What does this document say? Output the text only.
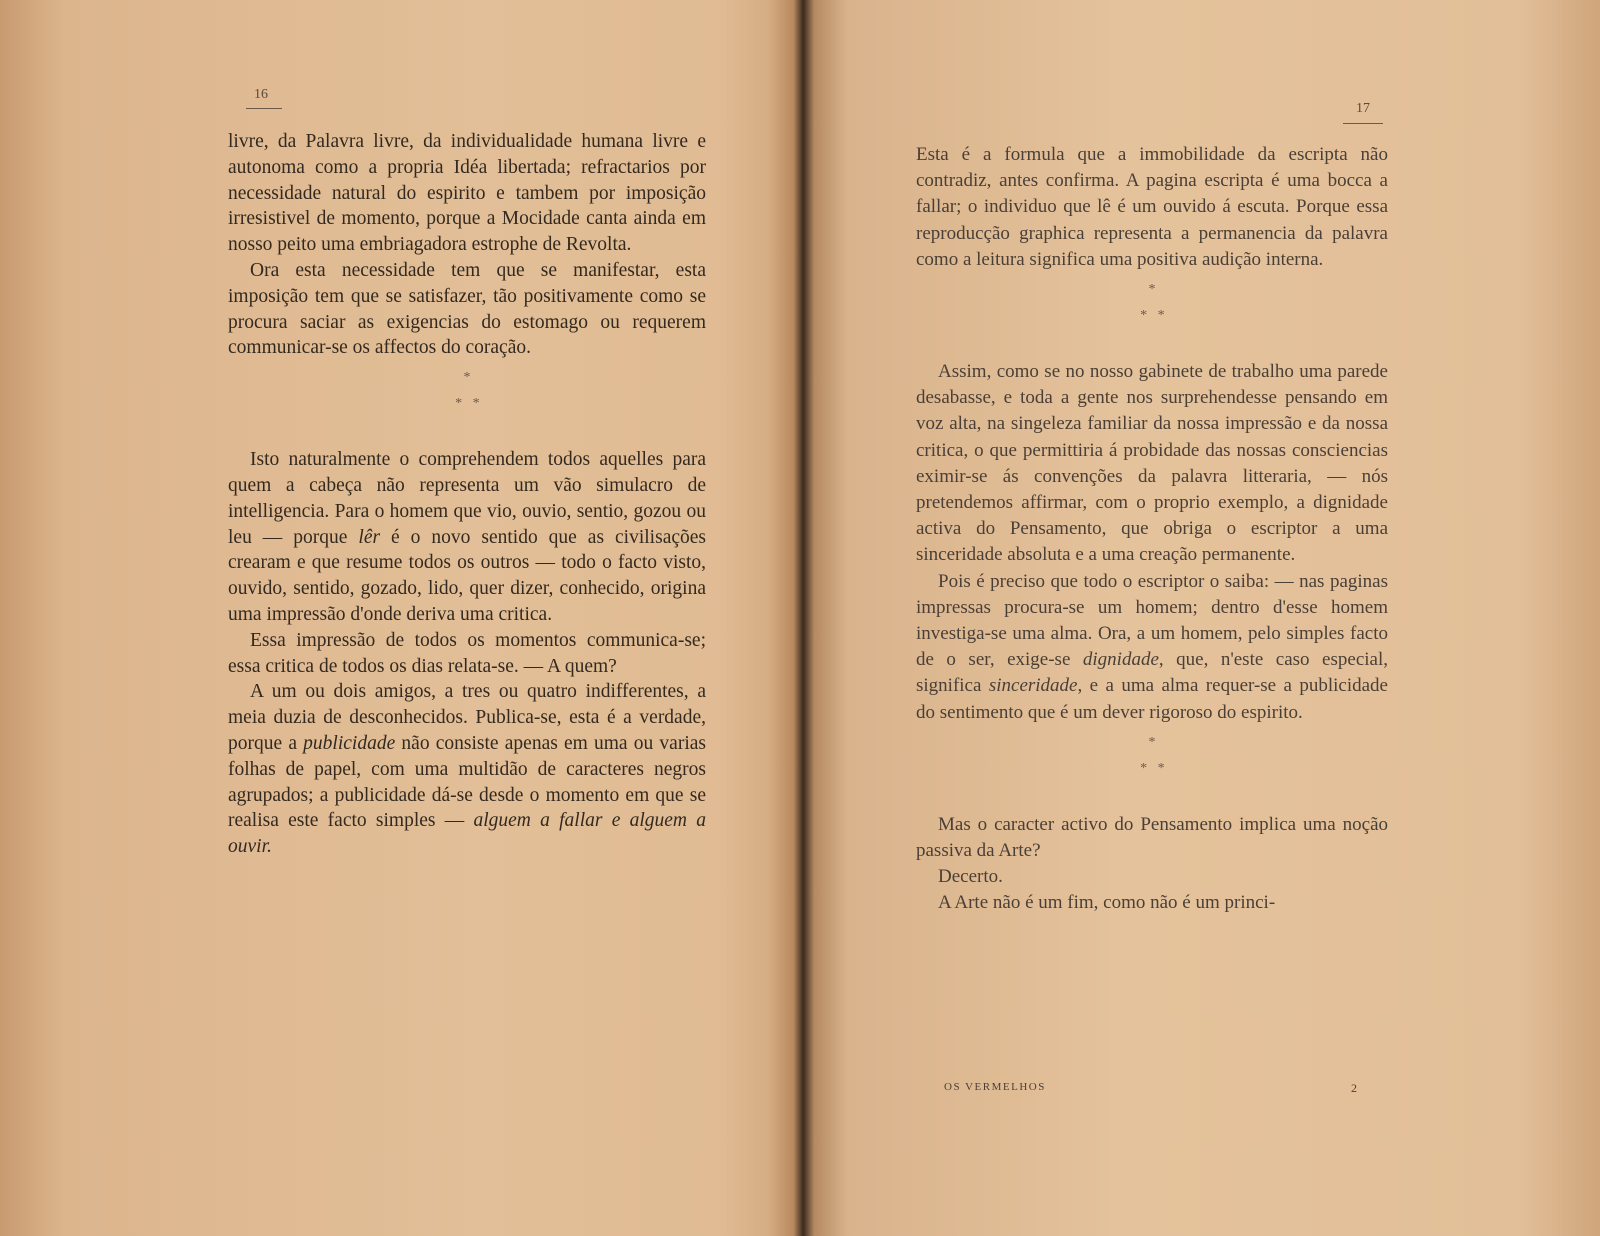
16

livre, da Palavra livre, da individualidade humana livre e autonoma como a propria Idéa libertada; refractarios por necessidade natural do espirito e tambem por imposição irresistivel de momento, porque a Mocidade canta ainda em nosso peito uma embriagadora estrophe de Revolta.

Ora esta necessidade tem que se manifestar, esta imposição tem que se satisfazer, tão positivamente como se procura saciar as exigencias do estomago ou requerem communicar-se os affectos do coração.

*
* *

Isto naturalmente o comprehendem todos aquelles para quem a cabeça não representa um vão simulacro de intelligencia. Para o homem que vio, ouvio, sentio, gozou ou leu — porque lêr é o novo sentido que as civilisações crearam e que resume todos os outros — todo o facto visto, ouvido, sentido, gozado, lido, quer dizer, conhecido, origina uma impressão d'onde deriva uma critica.

Essa impressão de todos os momentos communica-se; essa critica de todos os dias relata-se. — A quem?

A um ou dois amigos, a tres ou quatro indifferentes, a meia duzia de desconhecidos. Publica-se, esta é a verdade, porque a publicidade não consiste apenas em uma ou varias folhas de papel, com uma multidão de caracteres negros agrupados; a publicidade dá-se desde o momento em que se realisa este facto simples — alguem a fallar e alguem a ouvir.

17

Esta é a formula que a immobilidade da escripta não contradiz, antes confirma. A pagina escripta é uma bocca a fallar; o individuo que lê é um ouvido á escuta. Porque essa reproducção graphica representa a permanencia da palavra como a leitura significa uma positiva audição interna.

*
* *

Assim, como se no nosso gabinete de trabalho uma parede desabasse, e toda a gente nos surprehendesse pensando em voz alta, na singeleza familiar da nossa impressão e da nossa critica, o que permittiria á probidade das nossas consciencias eximir-se ás convenções da palavra litteraria, — nós pretendemos affirmar, com o proprio exemplo, a dignidade activa do Pensamento, que obriga o escriptor a uma sinceridade absoluta e a uma creação permanente.

Pois é preciso que todo o escriptor o saiba: — nas paginas impressas procura-se um homem; dentro d'esse homem investiga-se uma alma. Ora, a um homem, pelo simples facto de o ser, exige-se dignidade, que, n'este caso especial, significa sinceridade, e a uma alma requer-se a publicidade do sentimento que é um dever rigoroso do espirito.

*
* *

Mas o caracter activo do Pensamento implica uma noção passiva da Arte?

Decerto.

A Arte não é um fim, como não é um princi-

OS VERMELHOS	2
